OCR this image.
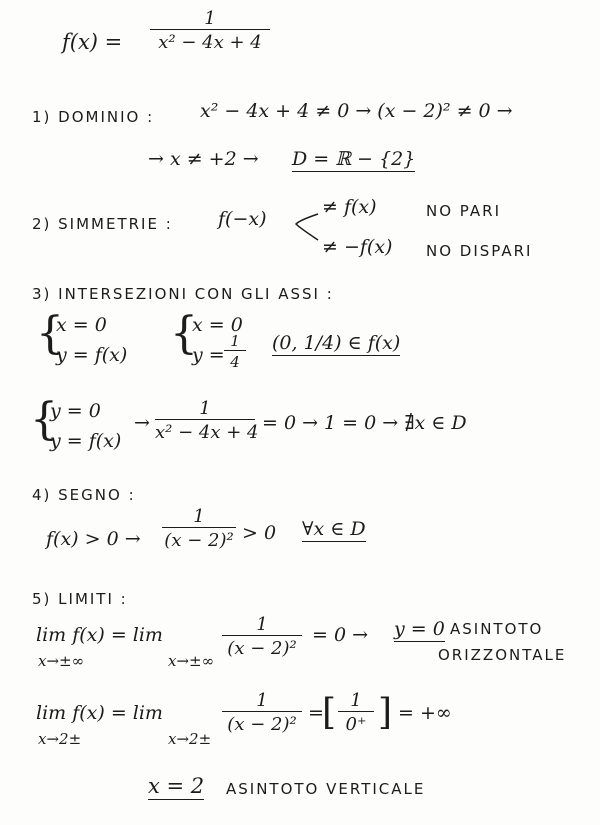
$f(x) = \frac{1}{\text{x² − 4x + 4}}$
1) DOMINIO : x² − 4x + 4 ≠ 0 → (x − 2)² ≠ 0 →
→ x ≠ +2 → D = ℝ − {2}
2) SIMMETRIE : f(−x)
≠ f(x)	NO PARI
≠ −f(x) NO DISPARI
3) INTERSEZIONI CON GLI ASSI :
{
x = 0
y = f(x) {
x = 0
$y = \frac{1}{4} (0$, 1/4) ∈ f(x)
{
y = 0
y = f(x)
→ $\frac{1}{\text{x² − 4x + 4}} = 0 \to 1 = 0$ → ∄x ∈ D
4) SEGNO :
$f(x) > 0 \to \frac{1}{\text{(x − 2)²}} > 0$ ∀x ∈ D
5) LIMITI :
lim f(x) = lim
x→±∞	x→±∞
$\frac{1}{\text{(x − 2)²}} = 0 \to y = 0$ ASINTOTO
ORIZZONTALE
lim f(x) = lim
x→2±	x→2±
$\frac{1}{\text{(x − 2)²}}$ =
[ $\frac{1}{0^+}$ ] = +∞
x = 2 ASINTOTO VERTICALE
